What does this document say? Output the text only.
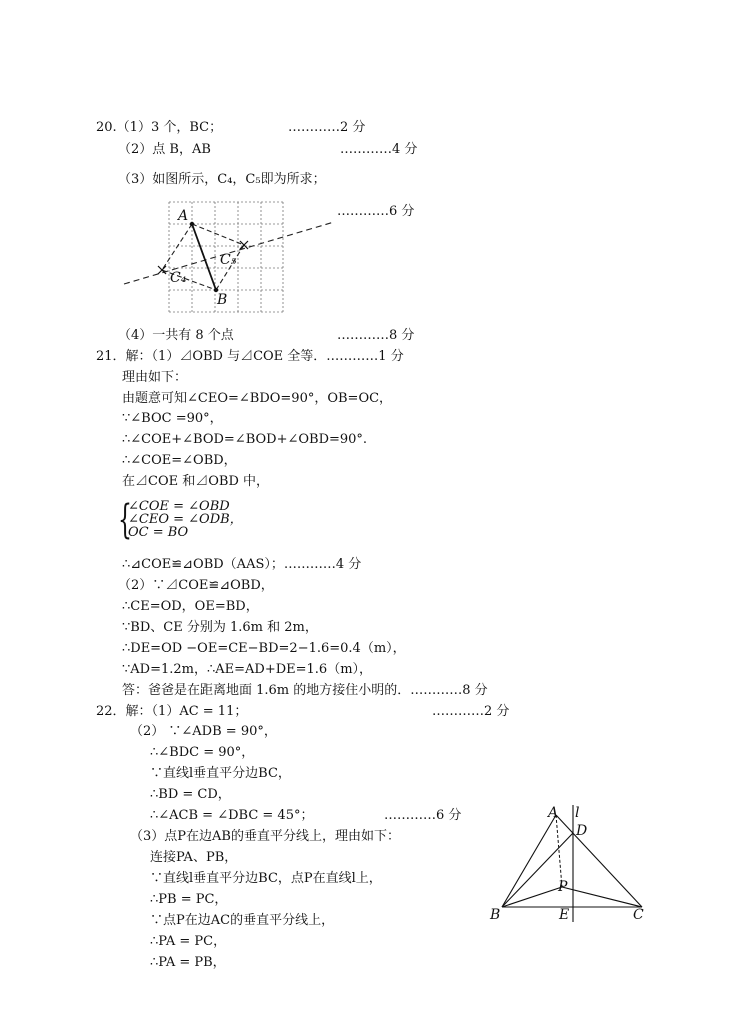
20.（1）3 个，BC；	…………2 分
（2）点 B，AB	…………4 分
（3）如图所示，C₄，C₅即为所求；
…………6 分
A
B
C₅
C₄
（4）一共有 8 个点	…………8 分
21．解：（1）⊿OBD 与⊿COE 全等．…………1 分
理由如下：
由题意可知∠CEO=∠BDO=90°，OB=OC，
∵∠BOC =90°，
∴∠COE+∠BOD=∠BOD+∠OBD=90°.
∴∠COE=∠OBD，
在⊿COE 和⊿OBD 中，
{
∠COE = ∠OBD
∠CEO = ∠ODB，
OC = BO
∴⊿COE≌⊿OBD（AAS）；…………4 分
（2）∵⊿COE≌⊿OBD，
∴CE=OD，OE=BD，
∵BD、CE 分别为 1.6m 和 2m，
∴DE=OD −OE=CE−BD=2−1.6=0.4（m），
∵AD=1.2m，∴AE=AD+DE=1.6（m），
答：爸爸是在距离地面 1.6m 的地方接住小明的．…………8 分
22．解：（1）AC = 11；	…………2 分
（2） ∵∠ADB = 90°，
∴∠BDC = 90°，
∵直线l垂直平分边BC，
∴BD = CD，
∴∠ACB = ∠DBC = 45°；	…………6 分
（3）点P在边AB的垂直平分线上，理由如下：
连接PA、PB，
∵直线l垂直平分边BC，点P在直线l上，
∴PB = PC，
∵点P在边AC的垂直平分线上，
∴PA = PC，
∴PA = PB，
A l
D
P
B	E	C
